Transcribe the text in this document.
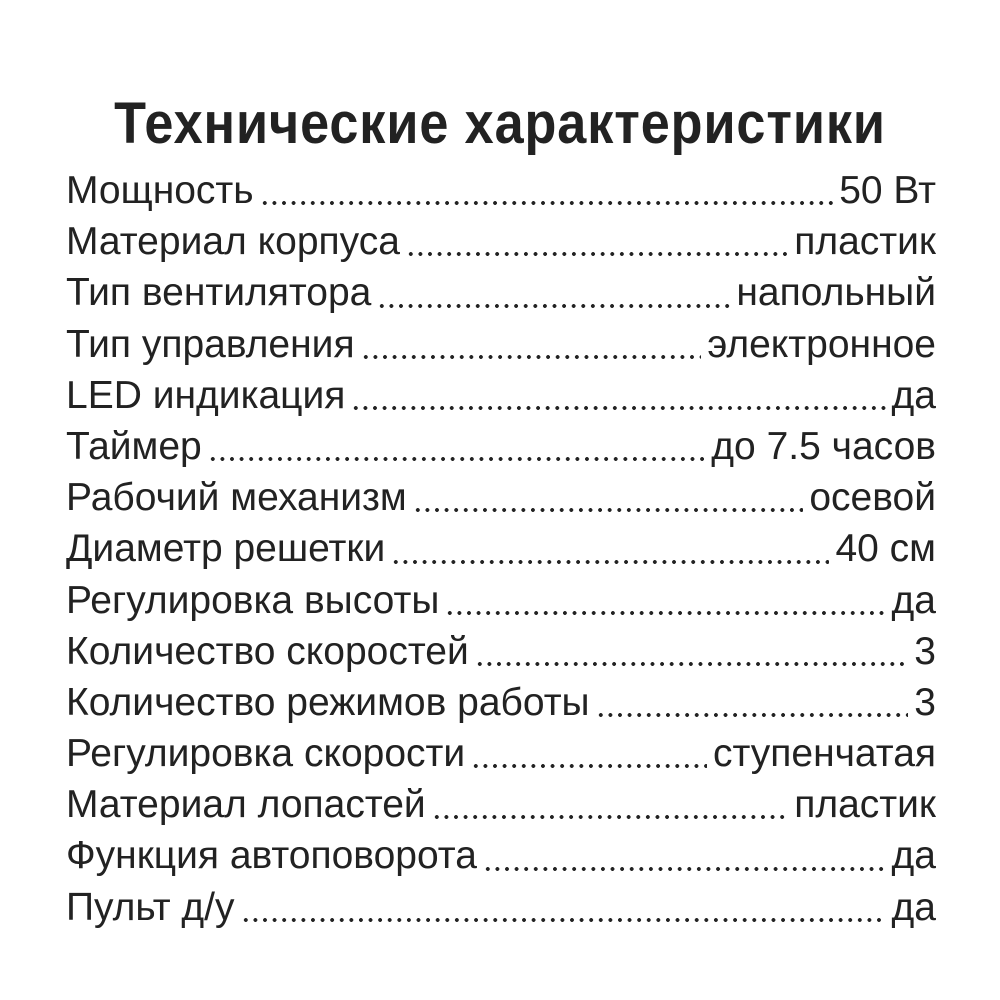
Технические характеристики
Мощность	50 Вт
Материал корпуса	пластик
Тип вентилятора	напольный
Тип управления	электронное
LED индикация	да
Таймер	до 7.5 часов
Рабочий механизм	осевой
Диаметр решетки	40 см
Регулировка высоты	да
Количество скоростей	3
Количество режимов работы	3
Регулировка скорости	ступенчатая
Материал лопастей	пластик
Функция автоповорота	да
Пульт д/у	да
